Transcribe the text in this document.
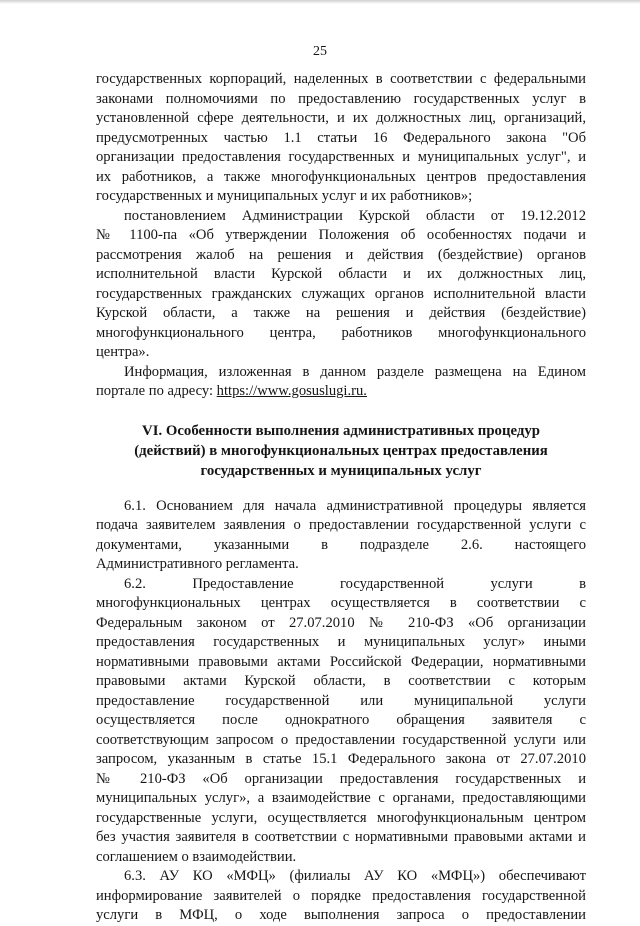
25
государственных корпораций, наделенных в соответствии с федеральными
законами полномочиями по предоставлению государственных услуг в
установленной сфере деятельности, и их должностных лиц, организаций,
предусмотренных частью 1.1 статьи 16 Федерального закона "Об
организации предоставления государственных и муниципальных услуг", и
их работников, а также многофункциональных центров предоставления
государственных и муниципальных услуг и их работников»;
постановлением Администрации Курской области от 19.12.2012
№ 1100-па «Об утверждении Положения об особенностях подачи и
рассмотрения жалоб на решения и действия (бездействие) органов
исполнительной власти Курской области и их должностных лиц,
государственных гражданских служащих органов исполнительной власти
Курской области, а также на решения и действия (бездействие)
многофункционального центра, работников многофункционального
центра».
Информация, изложенная в данном разделе размещена на Едином
портале по адресу: https://www.gosuslugi.ru.
VI. Особенности выполнения административных процедур
(действий) в многофункциональных центрах предоставления
государственных и муниципальных услуг
6.1. Основанием для начала административной процедуры является
подача заявителем заявления о предоставлении государственной услуги с
документами, указанными в подразделе 2.6. настоящего
Административного регламента.
6.2. Предоставление государственной услуги в
многофункциональных центрах осуществляется в соответствии с
Федеральным законом от 27.07.2010 № 210-ФЗ «Об организации
предоставления государственных и муниципальных услуг» иными
нормативными правовыми актами Российской Федерации, нормативными
правовыми актами Курской области, в соответствии с которым
предоставление государственной или муниципальной услуги
осуществляется после однократного обращения заявителя с
соответствующим запросом о предоставлении государственной услуги или
запросом, указанным в статье 15.1 Федерального закона от 27.07.2010
№ 210-ФЗ «Об организации предоставления государственных и
муниципальных услуг», а взаимодействие с органами, предоставляющими
государственные услуги, осуществляется многофункциональным центром
без участия заявителя в соответствии с нормативными правовыми актами и
соглашением о взаимодействии.
6.3. АУ КО «МФЦ» (филиалы АУ КО «МФЦ») обеспечивают
информирование заявителей о порядке предоставления государственной
услуги в МФЦ, о ходе выполнения запроса о предоставлении
